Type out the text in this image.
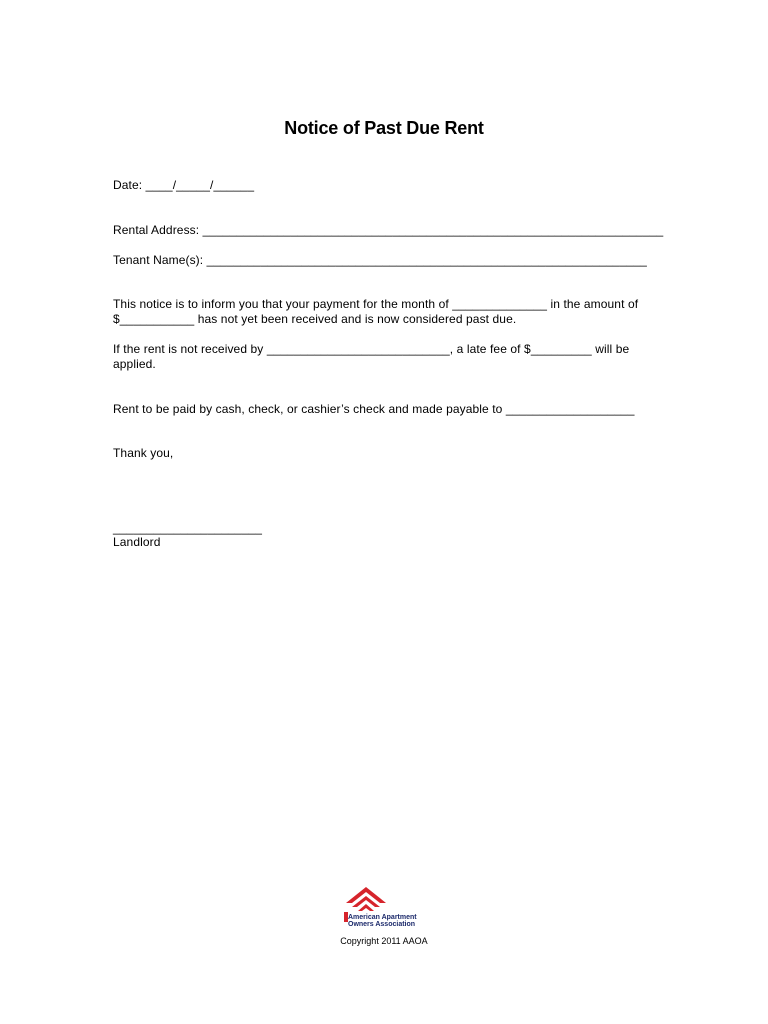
Notice of Past Due Rent
Date: ____/_____/______
Rental Address: ____________________________________________________________________
Tenant Name(s): _________________________________________________________________
This notice is to inform you that your payment for the month of ______________ in the amount of
$___________ has not yet been received and is now considered past due.
If the rent is not received by ___________________________, a late fee of $_________ will be
applied.
Rent to be paid by cash, check, or cashier’s check and made payable to ___________________
Thank you,
______________________
Landlord
American Apartment
Owners Association
Copyright 2011 AAOA
